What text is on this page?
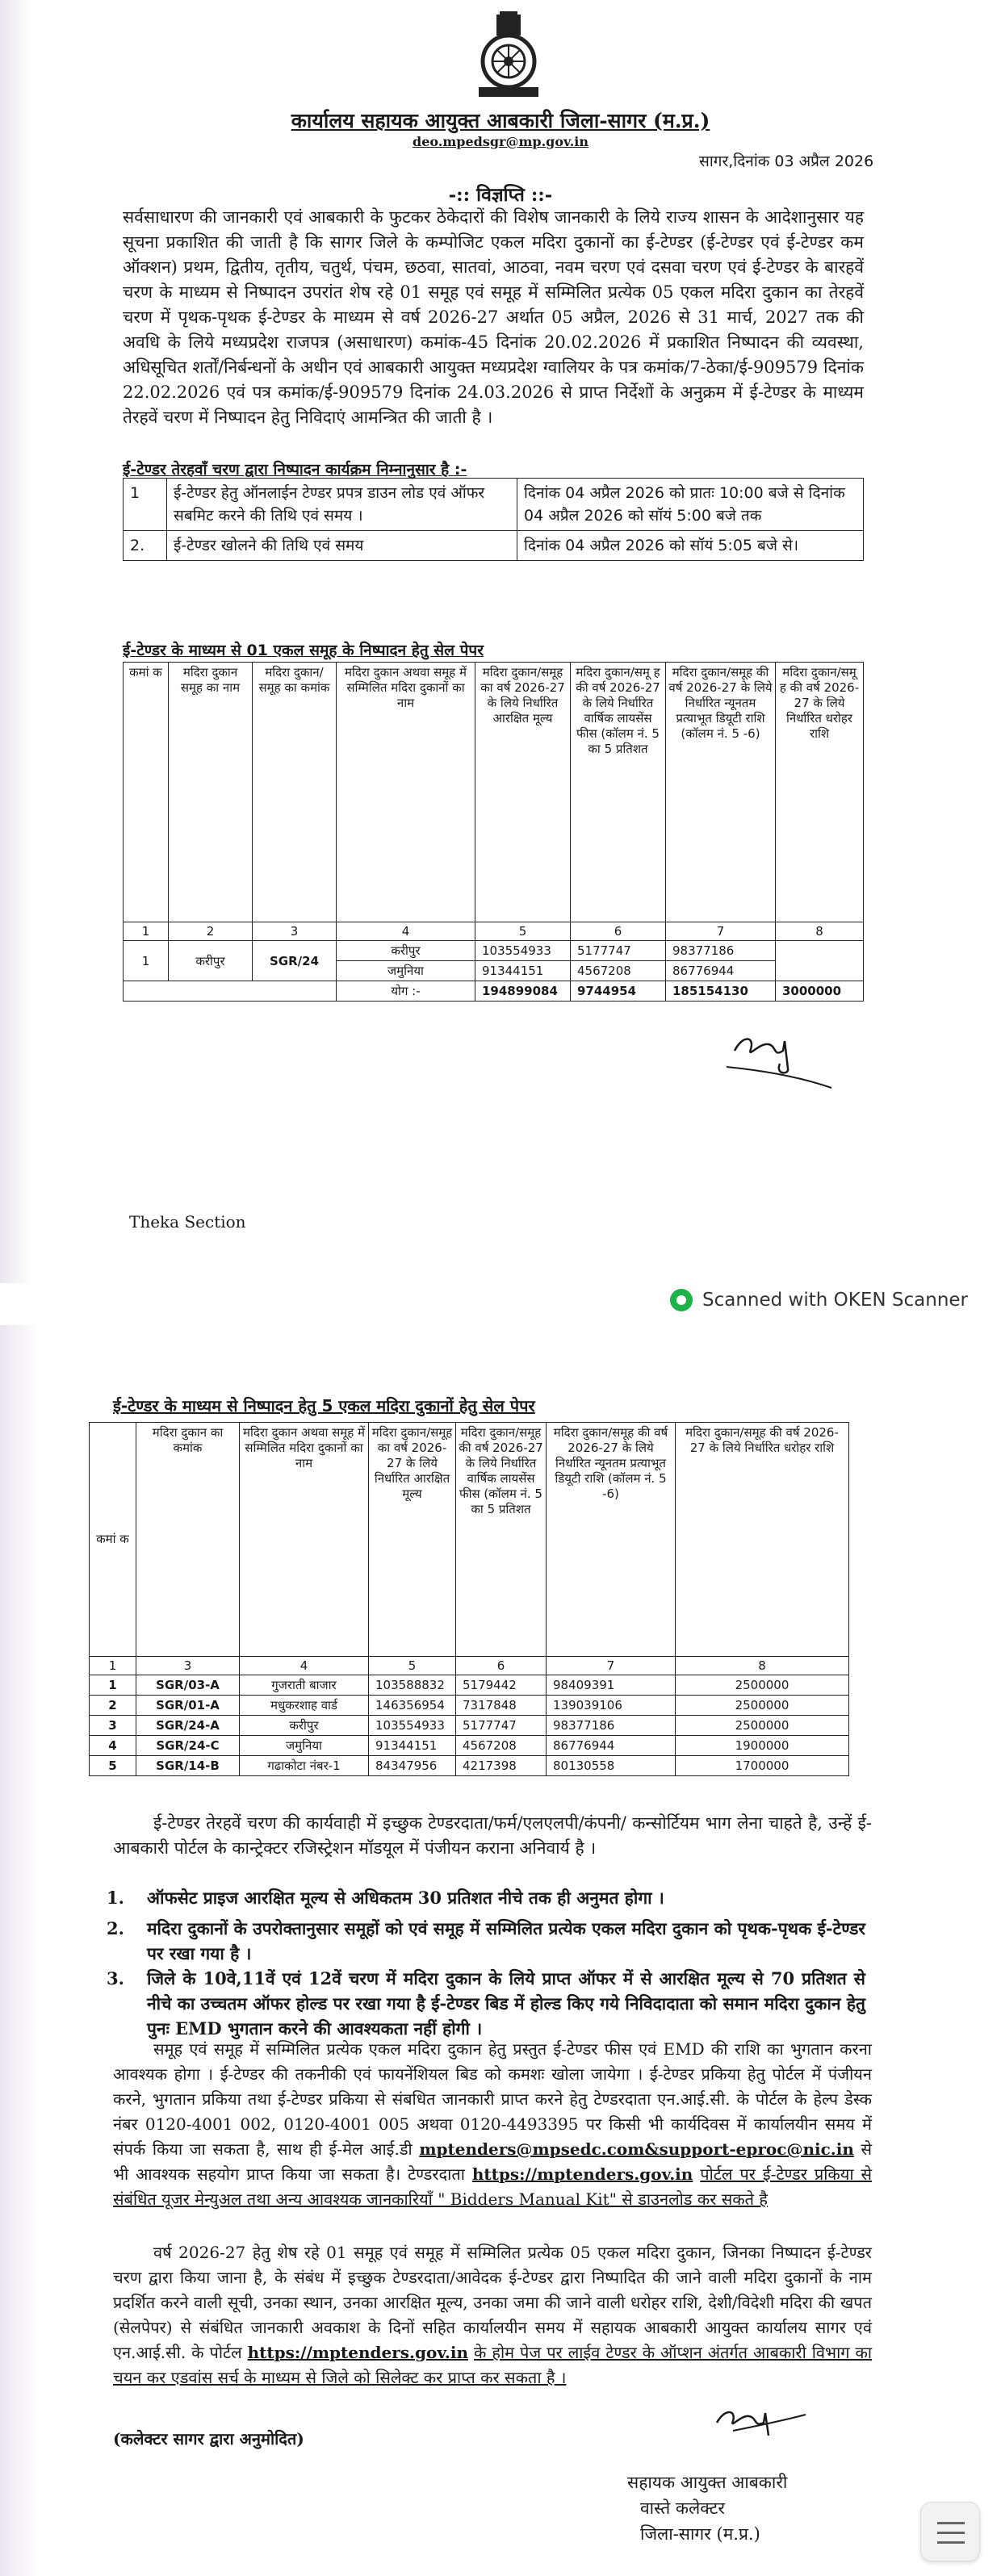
कार्यालय सहायक आयुक्त आबकारी जिला-सागर (म.प्र.)
deo.mpedsgr@mp.gov.in
सागर,दिनांक 03 अप्रैल 2026
-:: विज्ञप्ति ::-
सर्वसाधारण की जानकारी एवं आबकारी के फुटकर ठेकेदारों की विशेष जानकारी के लिये राज्य शासन के आदेशानुसार यह सूचना प्रकाशित की जाती है कि सागर जिले के कम्पोजिट एकल मदिरा दुकानों का ई-टेण्डर (ई-टेण्डर एवं ई-टेण्डर कम ऑक्शन) प्रथम, द्वितीय, तृतीय, चतुर्थ, पंचम, छठवा, सातवां, आठवा, नवम चरण एवं दसवा चरण एवं ई-टेण्डर के बारहवें चरण के माध्यम से निष्पादन उपरांत शेष रहे 01 समूह एवं समूह में सम्मिलित प्रत्येक 05 एकल मदिरा दुकान का तेरहवें चरण में पृथक-पृथक ई-टेण्डर के माध्यम से वर्ष 2026-27 अर्थात 05 अप्रैल, 2026 से 31 मार्च, 2027 तक की अवधि के लिये मध्यप्रदेश राजपत्र (असाधारण) कमांक-45 दिनांक 20.02.2026 में प्रकाशित निष्पादन की व्यवस्था, अधिसूचित शर्तों/निर्बन्धनों के अधीन एवं आबकारी आयुक्त मध्यप्रदेश ग्वालियर के पत्र कमांक/7-ठेका/ई-909579 दिनांक 22.02.2026 एवं पत्र कमांक/ई-909579 दिनांक 24.03.2026 से प्राप्त निर्देशों के अनुक्रम में ई-टेण्डर के माध्यम तेरहवें चरण में निष्पादन हेतु निविदाएं आमन्त्रित की जाती है ।
ई-टेण्डर तेरहवॉं चरण द्वारा निष्पादन कार्यक्रम निम्नानुसार है :-
1	ई-टेण्डर हेतु ऑनलाईन टेण्डर प्रपत्र डाउन लोड एवं ऑफर सबमिट करने की तिथि एवं समय ।	दिनांक 04 अप्रैल 2026 को प्रातः 10:00 बजे से दिनांक 04 अप्रैल 2026 को सॉयं 5:00 बजे तक
2.	ई-टेण्डर खोलने की तिथि एवं समय	दिनांक 04 अप्रैल 2026 को सॉयं 5:05 बजे से।
ई-टेण्डर के माध्यम से 01 एकल समूह के निष्पादन हेतु सेल पेपर
कमां क	मदिरा दुकान समूह का नाम	मदिरा दुकान/ समूह का कमांक	मदिरा दुकान अथवा समूह में सम्मिलित मदिरा दुकानों का नाम	मदिरा दुकान/समूह का वर्ष 2026-27 के लिये निर्धारित आरक्षित मूल्य	मदिरा दुकान/समू ह की वर्ष 2026-27 के लिये निर्धारित वार्षिक लायसेंस फीस (कॉलम नं. 5 का 5 प्रतिशत	मदिरा दुकान/समूह की वर्ष 2026-27 के लिये निर्धारित न्यूनतम प्रत्याभूत डियूटी राशि (कॉलम नं. 5 -6)	मदिरा दुकान/समू ह की वर्ष 2026-27 के लिये निर्धारित धरोहर राशि
1	2	3	4	5	6	7	8
1	करीपुर	SGR/24	करीपुर	103554933	5177747	98377186	
			जमुनिया	91344151	4567208	86776944	
			योग :-	194899084	9744954	185154130	3000000
Theka Section
Scanned with OKEN Scanner
ई-टेण्डर के माध्यम से निष्पादन हेतु 5 एकल मदिरा दुकानों हेतु सेल पेपर
कमां क	मदिरा दुकान का कमांक	मदिरा दुकान अथवा समूह में सम्मिलित मदिरा दुकानों का नाम	मदिरा दुकान/समूह का वर्ष 2026-27 के लिये निर्धारित आरक्षित मूल्य	मदिरा दुकान/समूह की वर्ष 2026-27 के लिये निर्धारित वार्षिक लायसेंस फीस (कॉलम नं. 5 का 5 प्रतिशत	मदिरा दुकान/समूह की वर्ष 2026-27 के लिये निर्धारित न्यूनतम प्रत्याभूत डियूटी राशि (कॉलम नं. 5 -6)	मदिरा दुकान/समूह की वर्ष 2026-27 के लिये निर्धारित धरोहर राशि
1	3	4	5	6	7	8
1	SGR/03-A	गुजराती बाजार	103588832	5179442	98409391	2500000
2	SGR/01-A	मधुकरशाह वार्ड	146356954	7317848	139039106	2500000
3	SGR/24-A	करीपुर	103554933	5177747	98377186	2500000
4	SGR/24-C	जमुनिया	91344151	4567208	86776944	1900000
5	SGR/14-B	गढाकोटा नंबर-1	84347956	4217398	80130558	1700000
ई-टेण्डर तेरहवें चरण की कार्यवाही में इच्छुक टेण्डरदाता/फर्म/एलएलपी/कंपनी/ कन्सोर्टियम भाग लेना चाहते है, उन्हें ई-आबकारी पोर्टल के कान्ट्रेक्टर रजिस्ट्रेशन मॉडयूल में पंजीयन कराना अनिवार्य है ।
1. ऑफसेट प्राइज आरक्षित मूल्य से अधिकतम 30 प्रतिशत नीचे तक ही अनुमत होगा ।
2. मदिरा दुकानों के उपरोक्तानुसार समूहों को एवं समूह में सम्मिलित प्रत्येक एकल मदिरा दुकान को पृथक-पृथक ई-टेण्डर पर रखा गया है ।
3. जिले के 10वे,11वें एवं 12वें चरण में मदिरा दुकान के लिये प्राप्त ऑफर में से आरक्षित मूल्य से 70 प्रतिशत से नीचे का उच्चतम ऑफर होल्ड पर रखा गया है ई-टेण्डर बिड में होल्ड किए गये निविदादाता को समान मदिरा दुकान हेतु पुनः EMD भुगतान करने की आवश्यकता नहीं होगी ।
समूह एवं समूह में सम्मिलित प्रत्येक एकल मदिरा दुकान हेतु प्रस्तुत ई-टेण्डर फीस एवं EMD की राशि का भुगतान करना आवश्यक होगा । ई-टेण्डर की तकनीकी एवं फायनेंशियल बिड को कमशः खोला जायेगा । ई-टेण्डर प्रकिया हेतु पोर्टल में पंजीयन करने, भुगतान प्रकिया तथा ई-टेण्डर प्रकिया से संबधित जानकारी प्राप्त करने हेतु टेण्डरदाता एन.आई.सी. के पोर्टल के हेल्प डेस्क नंबर 0120-4001 002, 0120-4001 005 अथवा 0120-4493395 पर किसी भी कार्यदिवस में कार्यालयीन समय में संपर्क किया जा सकता है, साथ ही ई-मेल आई.डी mptenders@mpsedc.com&support-eproc@nic.in से भी आवश्यक सहयोग प्राप्त किया जा सकता है। टेण्डरदाता https://mptenders.gov.in पोर्टल पर ई-टेण्डर प्रकिया से संबंधित यूजर मेन्युअल तथा अन्य आवश्यक जानकारियॉं " Bidders Manual Kit" से डाउनलोड कर सकते है
वर्ष 2026-27 हेतु शेष रहे 01 समूह एवं समूह में सम्मिलित प्रत्येक 05 एकल मदिरा दुकान, जिनका निष्पादन ई-टेण्डर चरण द्वारा किया जाना है, के संबंध में इच्छुक टेण्डरदाता/आवेदक ई-टेण्डर द्वारा निष्पादित की जाने वाली मदिरा दुकानों के नाम प्रदर्शित करने वाली सूची, उनका स्थान, उनका आरक्षित मूल्य, उनका जमा की जाने वाली धरोहर राशि, देशी/विदेशी मदिरा की खपत (सेलपेपर) से संबंधित जानकारी अवकाश के दिनों सहित कार्यालयीन समय में सहायक आबकारी आयुक्त कार्यालय सागर एवं एन.आई.सी. के पोर्टल https://mptenders.gov.in के होम पेज पर लाईव टेण्डर के ऑप्शन अंतर्गत आबकारी विभाग का चयन कर एडवांस सर्च के माध्यम से जिले को सिलेक्ट कर प्राप्त कर सकता है ।
(कलेक्टर सागर द्वारा अनुमोदित)
सहायक आयुक्त आबकारी
वास्ते कलेक्टर
जिला-सागर (म.प्र.)
